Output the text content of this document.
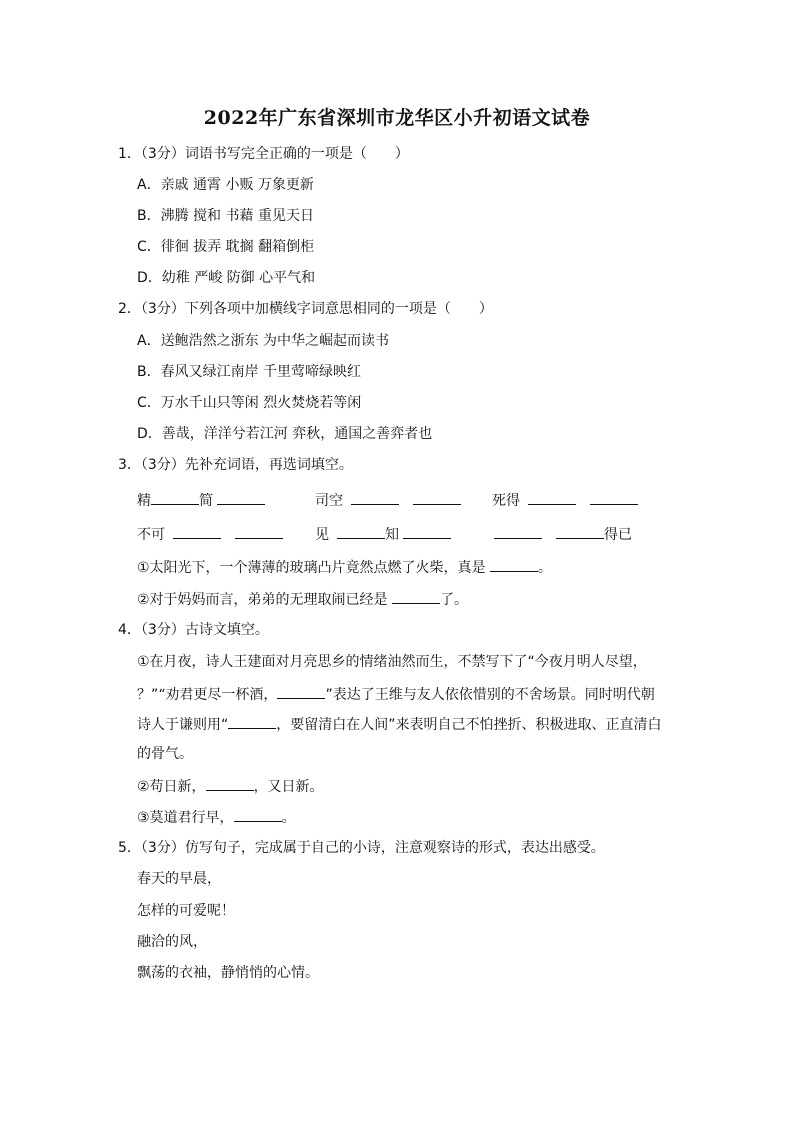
2022年广东省深圳市龙华区小升初语文试卷
1．（3分）词语书写完全正确的一项是（　　）
A．亲戚 通霄 小贩 万象更新
B．沸腾 搅和 书藉 重见天日
C．徘徊 拔弄 耽搁 翻箱倒柜
D．幼稚 严峻 防御 心平气和
2．（3分）下列各项中加横线字词意思相同的一项是（　　）
A．送鲍浩然之浙东 为中华之崛起而读书
B．春风又绿江南岸 千里莺啼绿映红
C．万水千山只等闲 烈火焚烧若等闲
D．善哉，洋洋兮若江河 弈秋，通国之善弈者也
3．（3分）先补充词语，再选词填空。
精	简	司空	死得
不可	见	知	得已
①太阳光下，一个薄薄的玻璃凸片竟然点燃了火柴，真是	。
②对于妈妈而言，弟弟的无理取闹已经是	了。
4．（3分）古诗文填空。
①在月夜，诗人王建面对月亮思乡的情绪油然而生，不禁写下了“今夜月明人尽望，
？”“劝君更尽一杯酒，	”表达了王维与友人依依惜别的不舍场景。同时明代朝
诗人于谦则用“	，要留清白在人间”来表明自己不怕挫折、积极进取、正直清白
的骨气。
②苟日新，	，又日新。
③莫道君行早，	。
5．（3分）仿写句子，完成属于自己的小诗，注意观察诗的形式，表达出感受。
春天的早晨，
怎样的可爱呢！
融洽的风，
飘荡的衣袖，静悄悄的心情。
